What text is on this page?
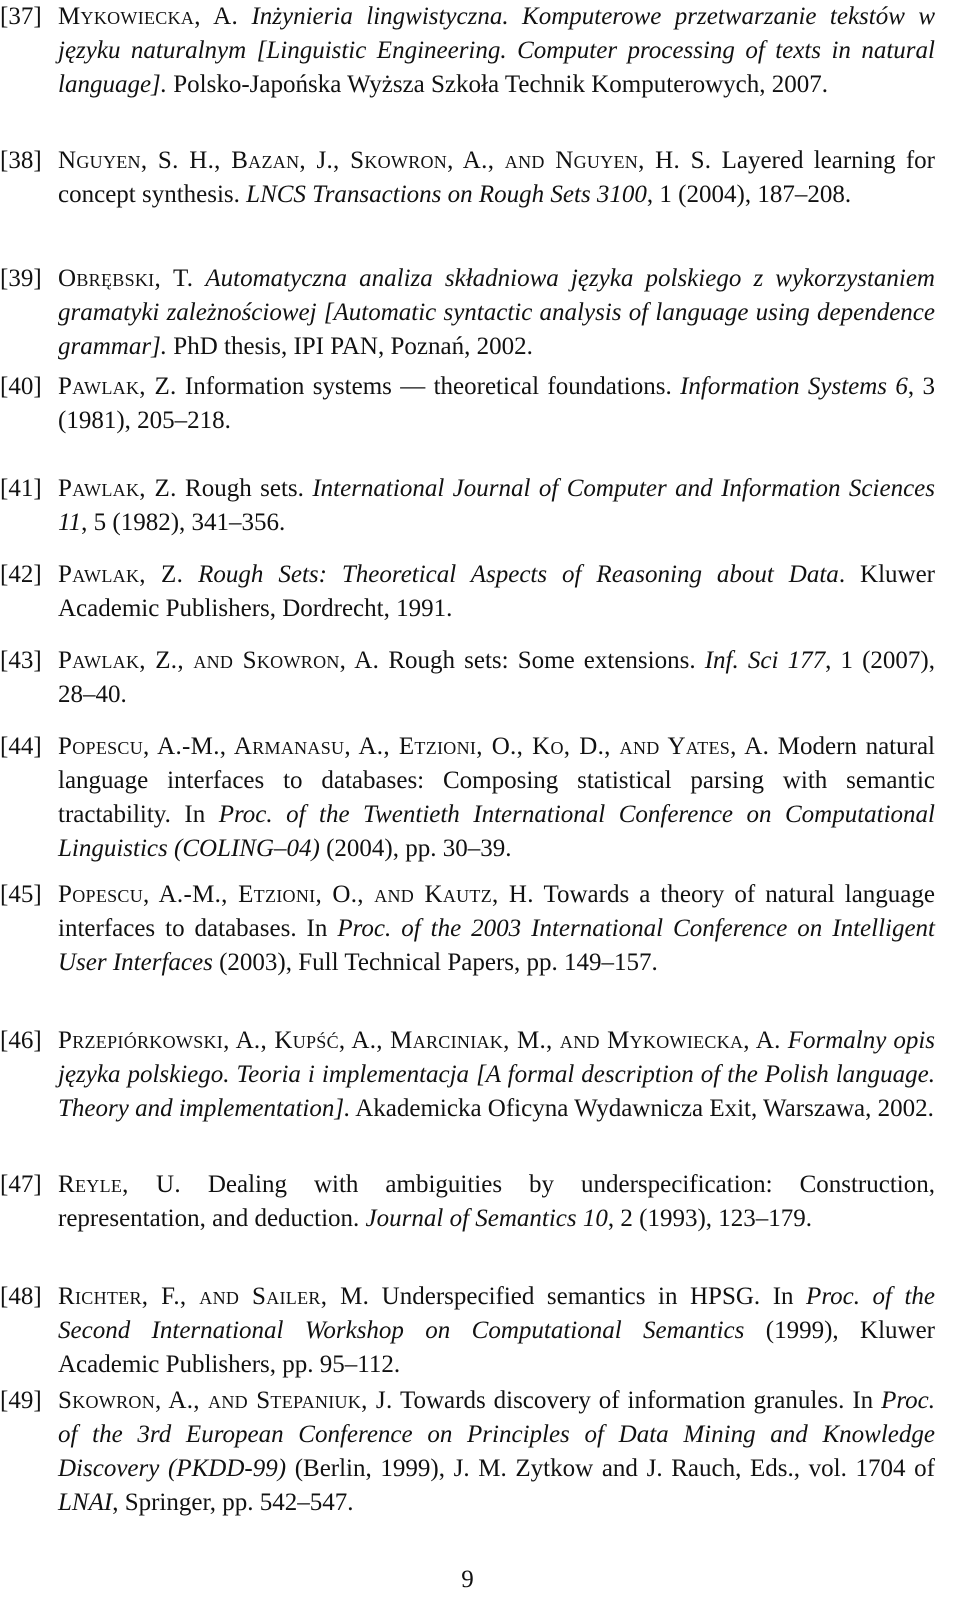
[37] Mykowiecka, A. Inżynieria lingwistyczna. Komputerowe przetwarzanie tekstów w języku naturalnym [Linguistic Engineering. Computer processing of texts in natural language]. Polsko-Japońska Wyższa Szkoła Technik Komputerowych, 2007.
[38] Nguyen, S. H., Bazan, J., Skowron, A., and Nguyen, H. S. Layered learning for concept synthesis. LNCS Transactions on Rough Sets 3100, 1 (2004), 187–208.
[39] Obrębski, T. Automatyczna analiza składniowa języka polskiego z wykorzystaniem gramatyki zależnościowej [Automatic syntactic analysis of language using dependence grammar]. PhD thesis, IPI PAN, Poznań, 2002.
[40] Pawlak, Z. Information systems — theoretical foundations. Information Systems 6, 3 (1981), 205–218.
[41] Pawlak, Z. Rough sets. International Journal of Computer and Information Sciences 11, 5 (1982), 341–356.
[42] Pawlak, Z. Rough Sets: Theoretical Aspects of Reasoning about Data. Kluwer Academic Publishers, Dordrecht, 1991.
[43] Pawlak, Z., and Skowron, A. Rough sets: Some extensions. Inf. Sci 177, 1 (2007), 28–40.
[44] Popescu, A.-M., Armanasu, A., Etzioni, O., Ko, D., and Yates, A. Modern natural language interfaces to databases: Composing statistical parsing with semantic tractability. In Proc. of the Twentieth International Conference on Computational Linguistics (COLING–04) (2004), pp. 30–39.
[45] Popescu, A.-M., Etzioni, O., and Kautz, H. Towards a theory of natural language interfaces to databases. In Proc. of the 2003 International Conference on Intelligent User Interfaces (2003), Full Technical Papers, pp. 149–157.
[46] Przepiórkowski, A., Kupść, A., Marciniak, M., and Mykowiecka, A. Formalny opis języka polskiego. Teoria i implementacja [A formal description of the Polish language. Theory and implementation]. Akademicka Oficyna Wydawnicza Exit, Warszawa, 2002.
[47] Reyle, U. Dealing with ambiguities by underspecification: Construction, representation, and deduction. Journal of Semantics 10, 2 (1993), 123–179.
[48] Richter, F., and Sailer, M. Underspecified semantics in HPSG. In Proc. of the Second International Workshop on Computational Semantics (1999), Kluwer Academic Publishers, pp. 95–112.
[49] Skowron, A., and Stepaniuk, J. Towards discovery of information granules. In Proc. of the 3rd European Conference on Principles of Data Mining and Knowledge Discovery (PKDD-99) (Berlin, 1999), J. M. Zytkow and J. Rauch, Eds., vol. 1704 of LNAI, Springer, pp. 542–547.
9
